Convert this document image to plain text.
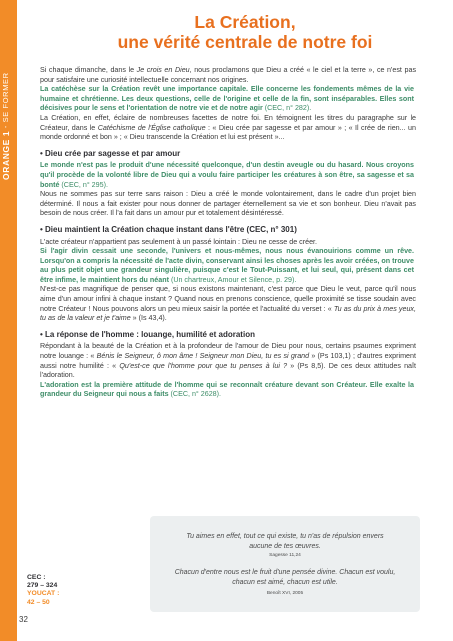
ORANGE 1 - SE FORMER
La Création,
une vérité centrale de notre foi

Si chaque dimanche, dans le Je crois en Dieu, nous proclamons que Dieu a créé « le ciel et la terre », ce n'est pas pour satisfaire une curiosité intellectuelle concernant nos origines.

La catéchèse sur la Création revêt une importance capitale. Elle concerne les fondements mêmes de la vie humaine et chrétienne. Les deux questions, celle de l'origine et celle de la fin, sont inséparables. Elles sont décisives pour le sens et l'orientation de notre vie et de notre agir (CEC, n° 282).

La Création, en effet, éclaire de nombreuses facettes de notre foi. En témoignent les titres du paragraphe sur le Créateur, dans le Catéchisme de l'Église catholique : « Dieu crée par sagesse et par amour » ; « Il crée de rien... un monde ordonné et bon » ; « Dieu transcende la Création et lui est présent »...

• Dieu crée par sagesse et par amour

Le monde n'est pas le produit d'une nécessité quelconque, d'un destin aveugle ou du hasard. Nous croyons qu'il procède de la volonté libre de Dieu qui a voulu faire participer les créatures à son être, sa sagesse et sa bonté (CEC, n° 295).

Nous ne sommes pas sur terre sans raison : Dieu a créé le monde volontairement, dans le cadre d'un projet bien déterminé. Il nous a fait exister pour nous donner de partager éternellement sa vie et son bonheur. Dieu n'avait pas besoin de nous créer. Il l'a fait dans un amour pur et totalement désintéressé.

• Dieu maintient la Création chaque instant dans l'être (CEC, n° 301)

L'acte créateur n'appartient pas seulement à un passé lointain : Dieu ne cesse de créer.

Si l'agir divin cessait une seconde, l'univers et nous-mêmes, nous nous évanouirions comme un rêve. Lorsqu'on a compris la nécessité de l'acte divin, conservant ainsi les choses après les avoir créées, on trouve au plus petit objet une grandeur singulière, puisque c'est le Tout-Puissant, et lui seul, qui, présent dans cet être infime, le maintient hors du néant (Un chartreux, Amour et Silence, p. 29).

N'est-ce pas magnifique de penser que, si nous existons maintenant, c'est parce que Dieu le veut, parce qu'il nous aime d'un amour infini à chaque instant ? Quand nous en prenons conscience, quelle proximité se tisse soudain avec notre Créateur ! Nous pouvons alors un peu mieux saisir la portée et l'actualité du verset : « Tu as du prix à mes yeux, tu as de la valeur et je t'aime » (Is 43,4).

• La réponse de l'homme : louange, humilité et adoration

Répondant à la beauté de la Création et à la profondeur de l'amour de Dieu pour nous, certains psaumes expriment notre louange : « Bénis le Seigneur, ô mon âme ! Seigneur mon Dieu, tu es si grand » (Ps 103,1) ; d'autres expriment aussi notre humilité : « Qu'est-ce que l'homme pour que tu penses à lui ? » (Ps 8,5). De ces deux attitudes naît l'adoration.

L'adoration est la première attitude de l'homme qui se reconnaît créature devant son Créateur. Elle exalte la grandeur du Seigneur qui nous a faits (CEC, n° 2628).

Tu aimes en effet, tout ce qui existe, tu n'as de répulsion envers
aucune de tes œuvres.
Sagesse 11,24
Chacun d'entre nous est le fruit d'une pensée divine. Chacun est voulu,
chacun est aimé, chacun est utile.
Benoît XVI, 2005
CEC :
279 – 324
YOUCAT :
42 – 50
32
